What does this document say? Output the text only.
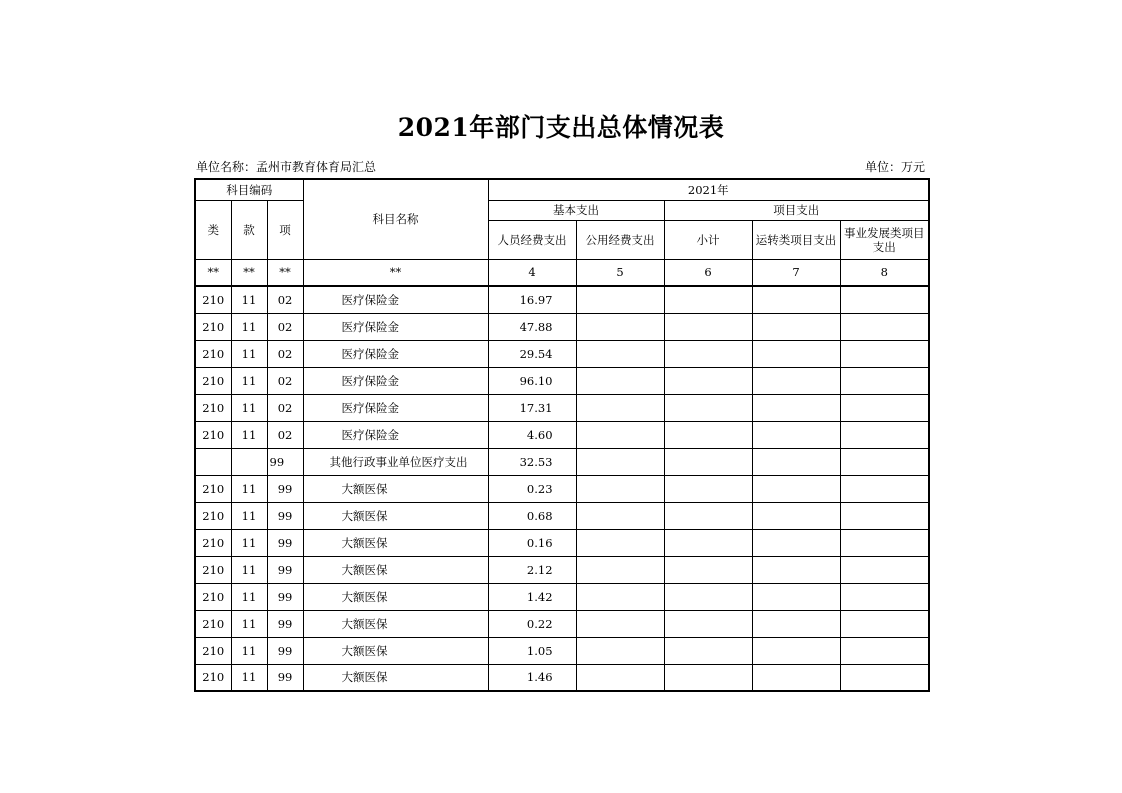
2021年部门支出总体情况表
单位名称：孟州市教育体育局汇总	单位：万元
科目编码			科目名称	2021年				
类	款	项		基本支出		项目支出		
				人员经费支出	公用经费支出	小计	运转类项目支出	事业发展类项目支出
**	**	**	**	4	5	6	7	8
210	11	02	医疗保险金	16.97				
210	11	02	医疗保险金	47.88				
210	11	02	医疗保险金	29.54				
210	11	02	医疗保险金	96.10				
210	11	02	医疗保险金	17.31				
210	11	02	医疗保险金	4.60				
		99	其他行政事业单位医疗支出	32.53				
210	11	99	大额医保	0.23				
210	11	99	大额医保	0.68				
210	11	99	大额医保	0.16				
210	11	99	大额医保	2.12				
210	11	99	大额医保	1.42				
210	11	99	大额医保	0.22				
210	11	99	大额医保	1.05				
210	11	99	大额医保	1.46				
